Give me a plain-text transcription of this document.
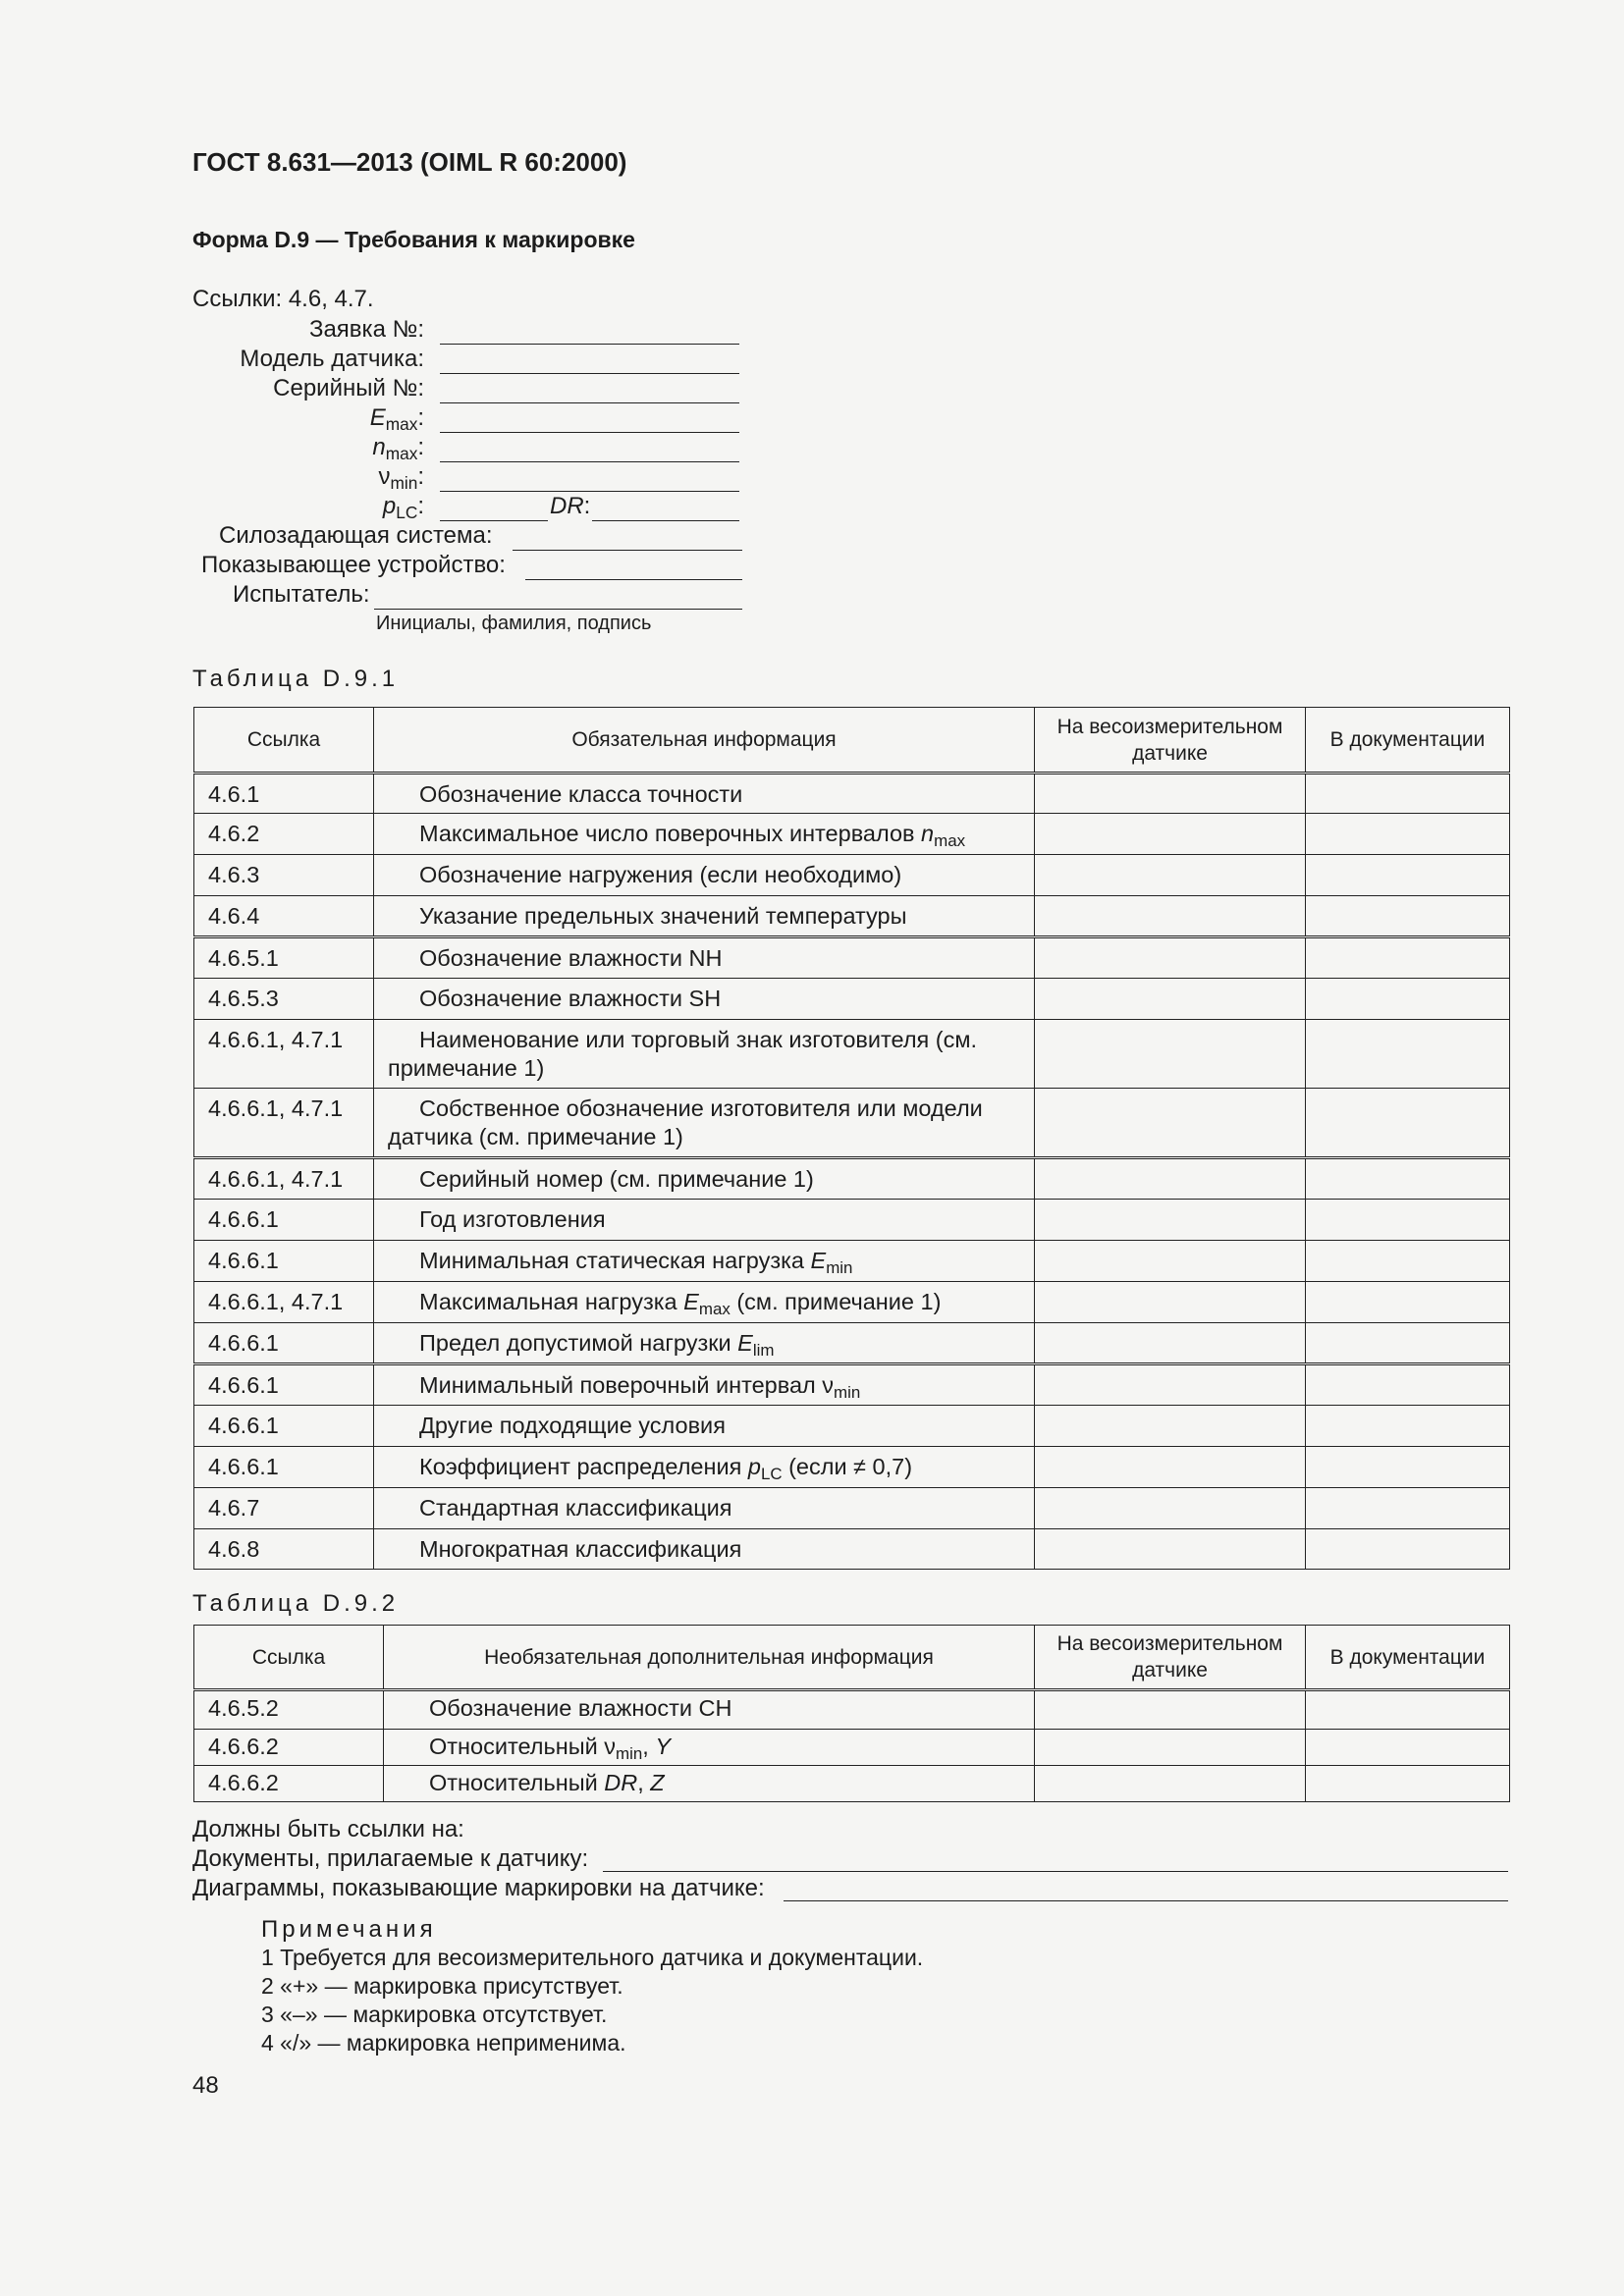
ГОСТ 8.631—2013 (OIML R 60:2000)
Форма D.9 — Требования к маркировке
Ссылки: 4.6, 4.7.
Заявка №:
Модель датчика:
Серийный №:
$E_{max}$:
$n_{max}$:
$\nu_{min}$:
$p_{LC}$:	DR:
Силозадающая система:
Показывающее устройство:
Испытатель:
Инициалы, фамилия, подпись
Таблица D.9.1
Ссылка	Обязательная информация	На весоизмерительном датчике	В документации
4.6.1	Обозначение класса точности		
4.6.2	Максимальное число поверочных интервалов $n_{max}$		
4.6.3	Обозначение нагружения (если необходимо)		
4.6.4	Указание предельных значений температуры		
4.6.5.1	Обозначение влажности NH		
4.6.5.3	Обозначение влажности SH		
4.6.6.1, 4.7.1	Наименование или торговый знак изготовителя (см.
примечание 1)		

4.6.6.1, 4.7.1	Собственное обозначение изготовителя или модели
датчика (см. примечание 1)		

4.6.6.1, 4.7.1	Серийный номер (см. примечание 1)		
4.6.6.1	Год изготовления		
4.6.6.1	Минимальная статическая нагрузка $E_{min}$		
4.6.6.1, 4.7.1	Максимальная нагрузка $E_{max}$ (см. примечание 1)		
4.6.6.1	Предел допустимой нагрузки $E_{lim}$		
4.6.6.1	Минимальный поверочный интервал $\nu_{min}$		
4.6.6.1	Другие подходящие условия		
4.6.6.1	Коэффициент распределения $p_{LC}$ (если ≠ 0,7)		
4.6.7	Стандартная классификация		
4.6.8	Многократная классификация		
Таблица D.9.2
Ссылка	Необязательная дополнительная информация	На весоизмерительном датчике	В документации
4.6.5.2	Обозначение влажности CH		
4.6.6.2	Относительный $\nu_{min}$, Y		
4.6.6.2	Относительный DR, Z		
Должны быть ссылки на:
Документы, прилагаемые к датчику:
Диаграммы, показывающие маркировки на датчике:
Примечания
1 Требуется для весоизмерительного датчика и документации.
2 «+» — маркировка присутствует.
3 «–» — маркировка отсутствует.
4 «/» — маркировка неприменима.
48
